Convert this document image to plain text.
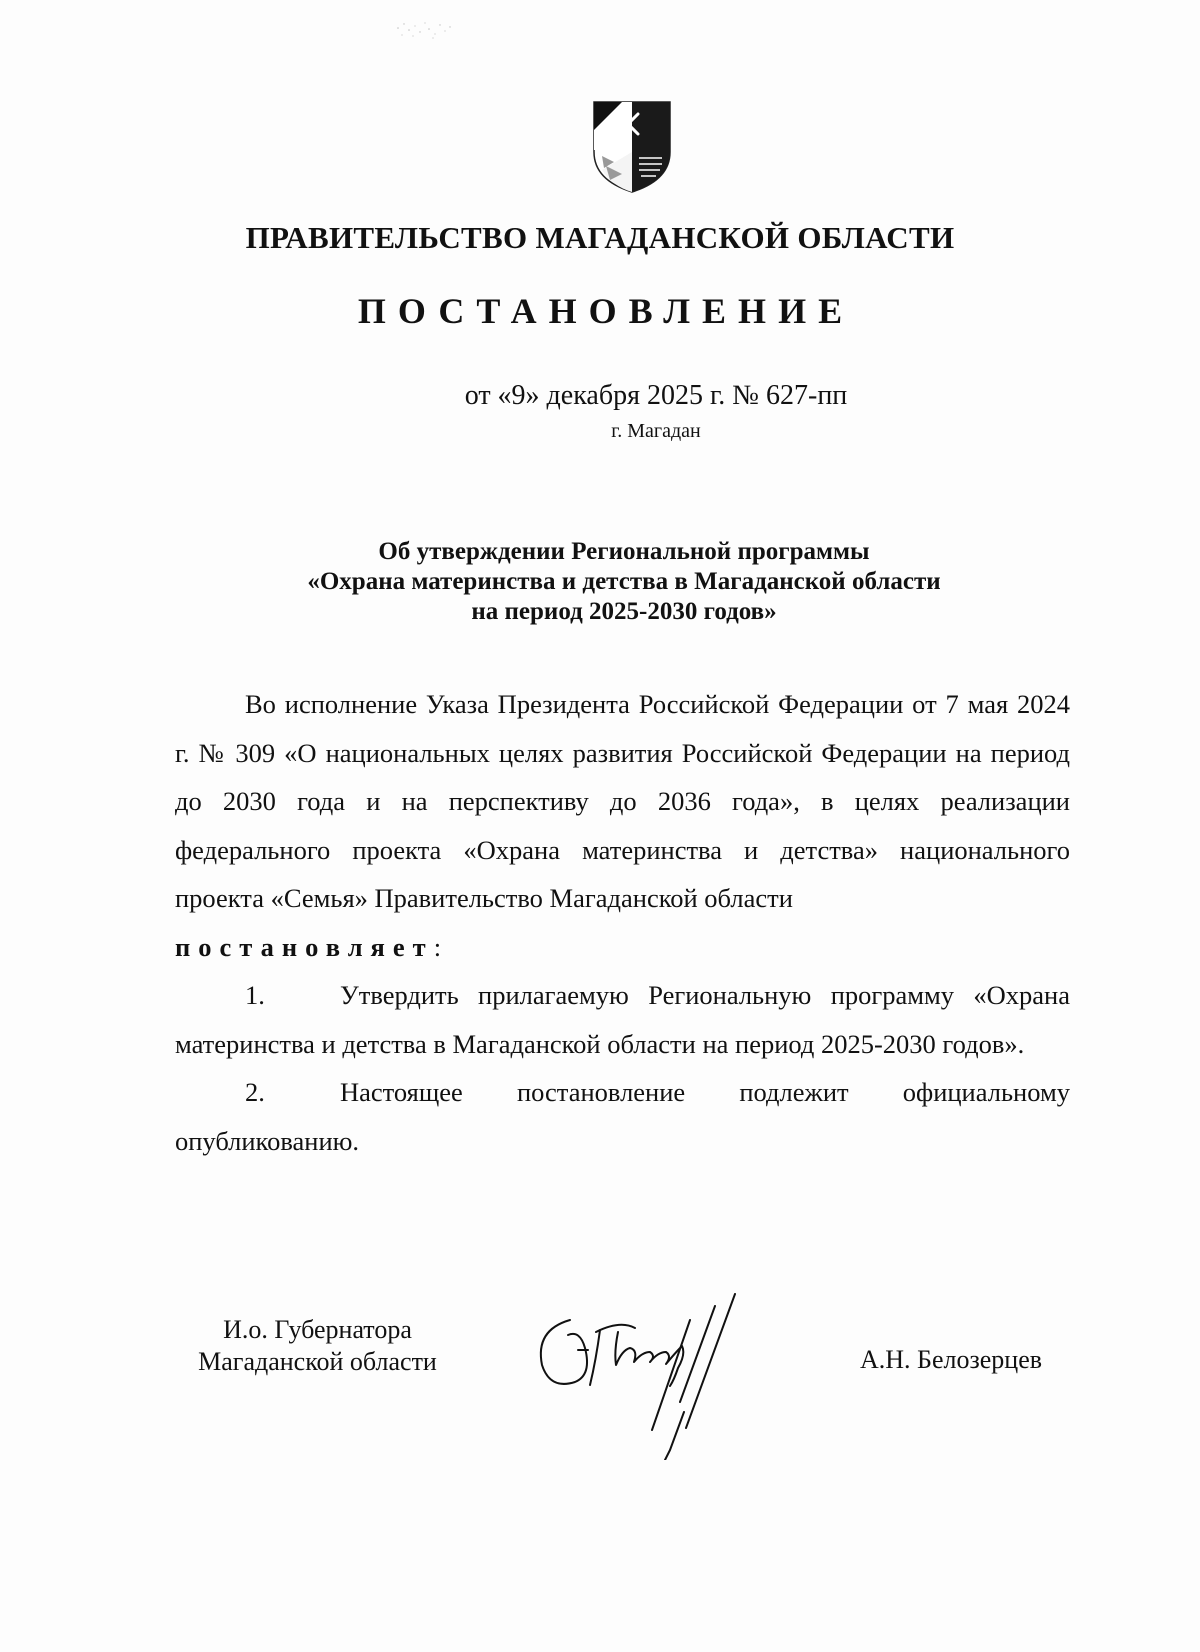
ПРАВИТЕЛЬСТВО МАГАДАНСКОЙ ОБЛАСТИ
ПОСТАНОВЛЕНИЕ
от «9» декабря 2025 г. № 627-пп
г. Магадан
Об утверждении Региональной программы
«Охрана материнства и детства в Магаданской области
на период 2025-2030 годов»

Во исполнение Указа Президента Российской Федерации от 7 мая 2024 г. № 309 «О национальных целях развития Российской Федерации на период до 2030 года и на перспективу до 2036 года», в целях реализации федерального проекта «Охрана материнства и детства» национального проекта «Семья» Правительство Магаданской области

постановляет:

1.	Утвердить прилагаемую Региональную программу «Охрана материнства и детства в Магаданской области на период 2025-2030 годов».

2.	Настоящее постановление подлежит официальному опубликованию.

И.о. Губернатора
Магаданской области	А.Н. Белозерцев
